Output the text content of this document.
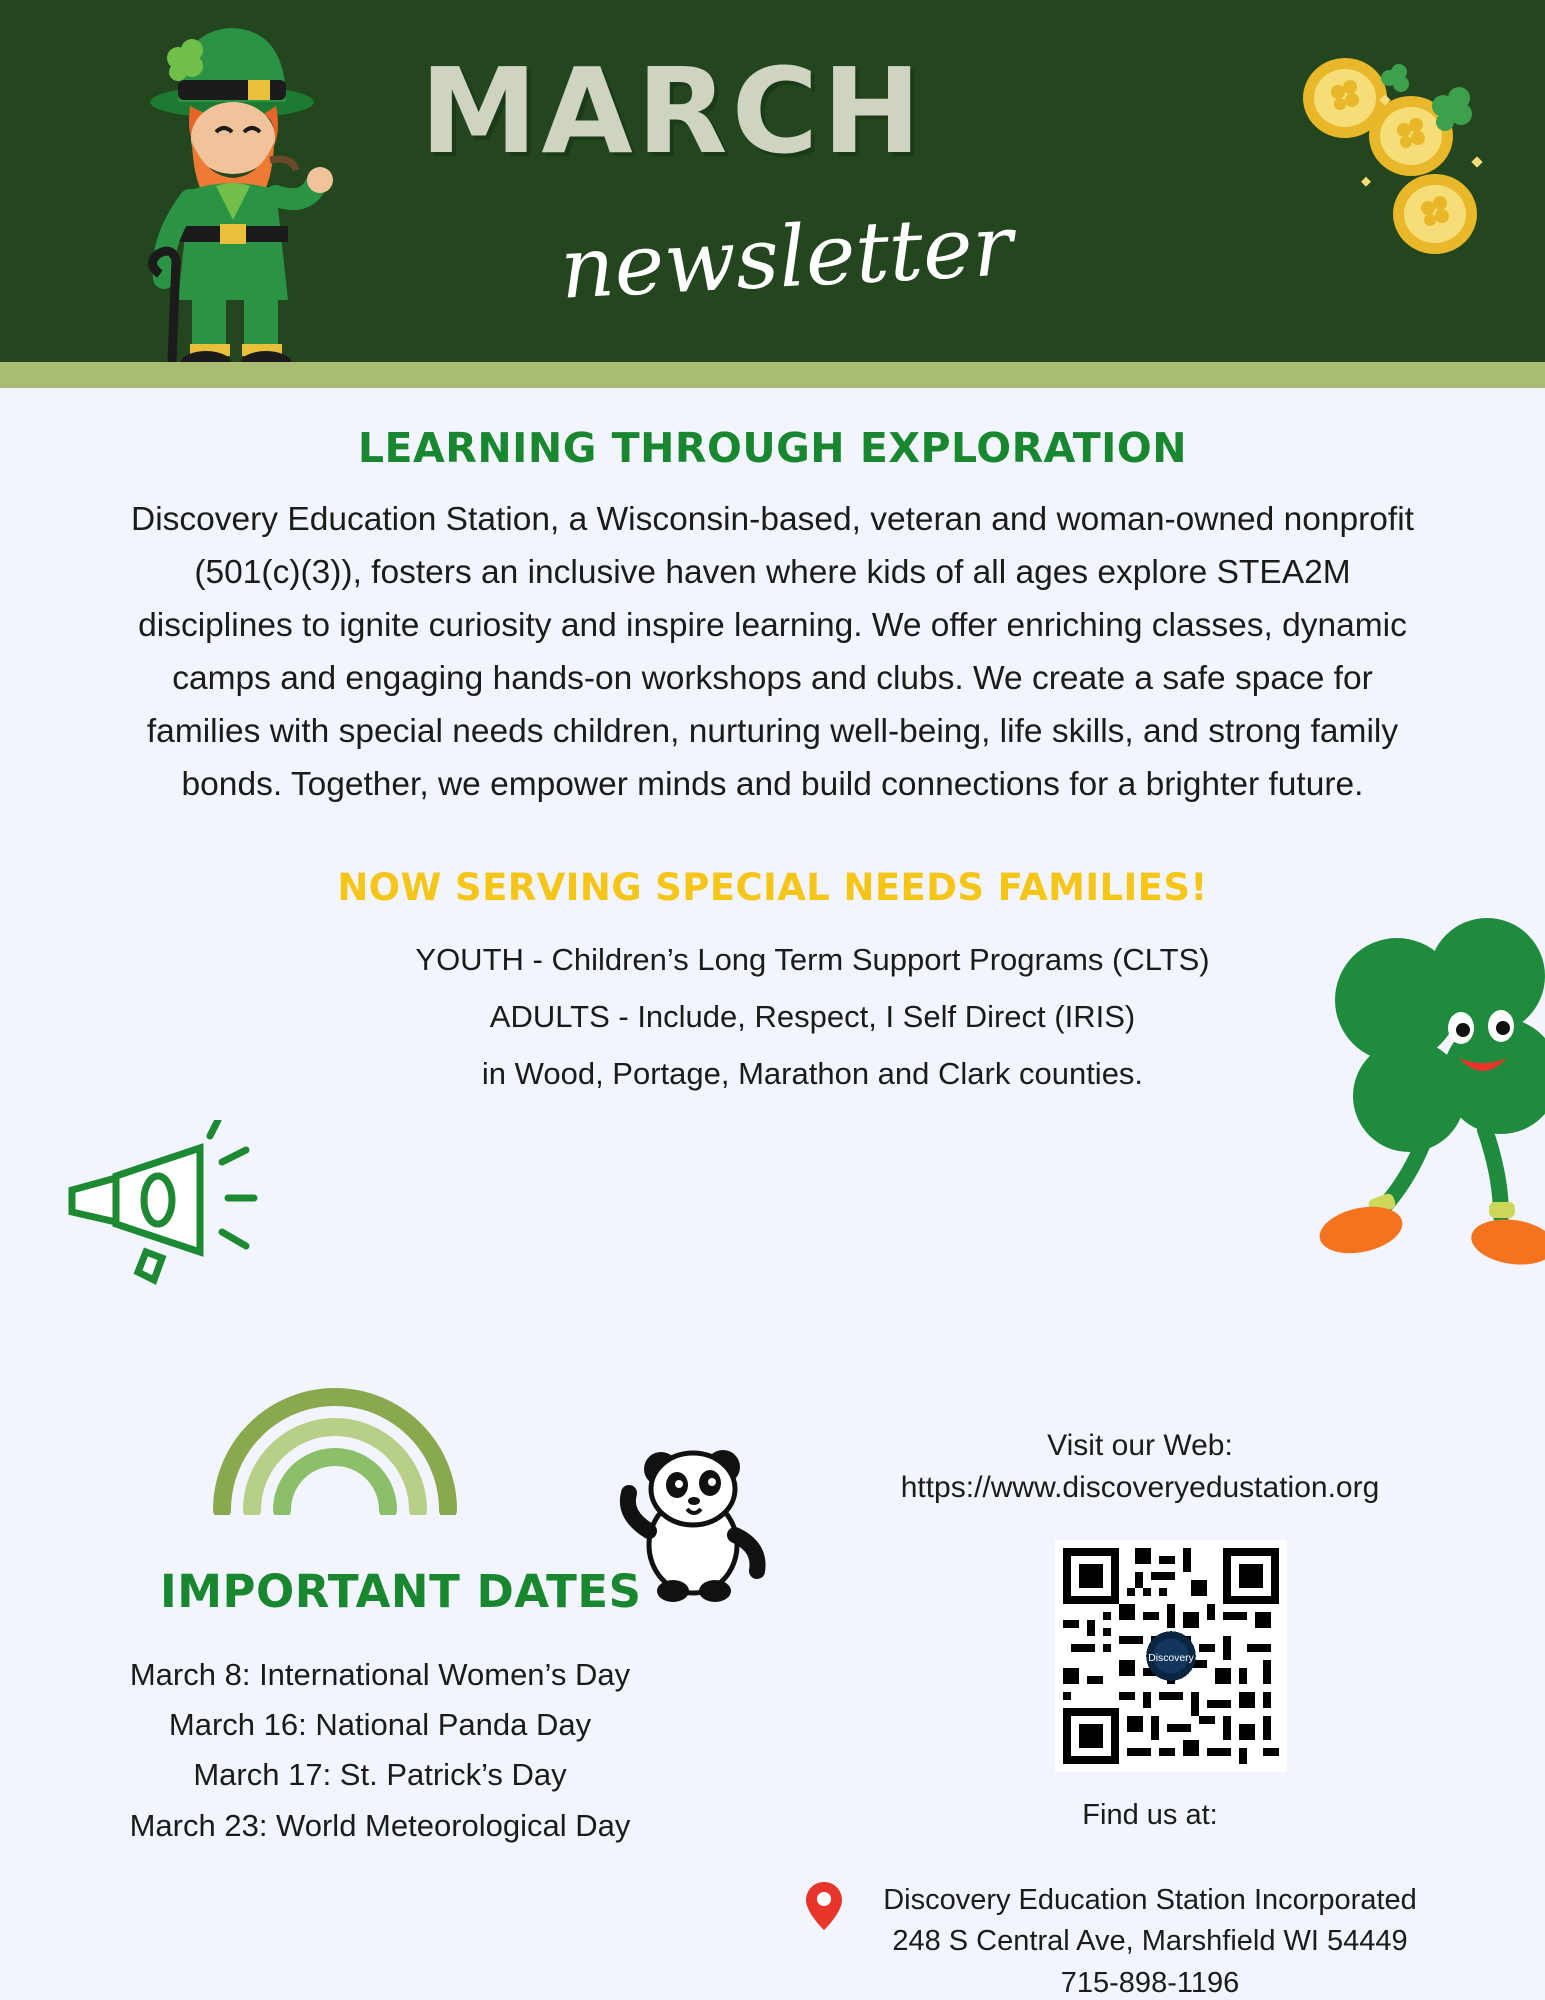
MARCH
newsletter
LEARNING THROUGH EXPLORATION
Discovery Education Station, a Wisconsin-based, veteran and woman-owned nonprofit (501(c)(3)), fosters an inclusive haven where kids of all ages explore STEA2M disciplines to ignite curiosity and inspire learning. We offer enriching classes, dynamic camps and engaging hands-on workshops and clubs. We create a safe space for families with special needs children, nurturing well-being, life skills, and strong family bonds. Together, we empower minds and build connections for a brighter future.
NOW SERVING SPECIAL NEEDS FAMILIES!
YOUTH - Children’s Long Term Support Programs (CLTS)
ADULTS - Include, Respect, I Self Direct (IRIS)
in Wood, Portage, Marathon and Clark counties.
IMPORTANT DATES
March 8: International Women’s Day
March 16: National Panda Day
March 17: St. Patrick’s Day
March 23: World Meteorological Day
Visit our Web:
https://www.discoveryedustation.org
Discovery
Find us at:
Discovery Education Station Incorporated
248 S Central Ave, Marshfield WI 54449
715-898-1196
